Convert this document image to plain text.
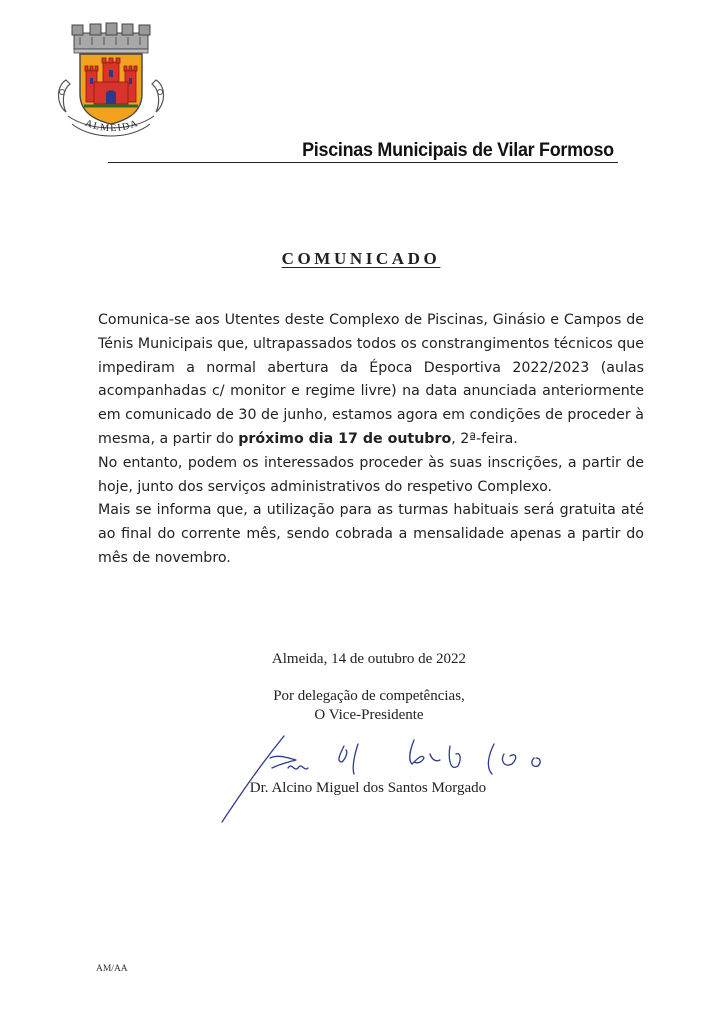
ALMEIDA
Piscinas Municipais de Vilar Formoso
COMUNICADO

Comunica-se aos Utentes deste Complexo de Piscinas, Ginásio e Campos de Ténis Municipais que, ultrapassados todos os constrangimentos técnicos que impediram a normal abertura da Época Desportiva 2022/2023 (aulas acompanhadas c/ monitor e regime livre) na data anunciada anteriormente em comunicado de 30 de junho, estamos agora em condições de proceder à mesma, a partir do próximo dia 17 de outubro, 2ª-feira.

No entanto, podem os interessados proceder às suas inscrições, a partir de hoje, junto dos serviços administrativos do respetivo Complexo.

Mais se informa que, a utilização para as turmas habituais será gratuita até ao final do corrente mês, sendo cobrada a mensalidade apenas a partir do mês de novembro.

Almeida, 14 de outubro de 2022
Por delegação de competências,
O Vice-Presidente
Dr. Alcino Miguel dos Santos Morgado
AM/AA
